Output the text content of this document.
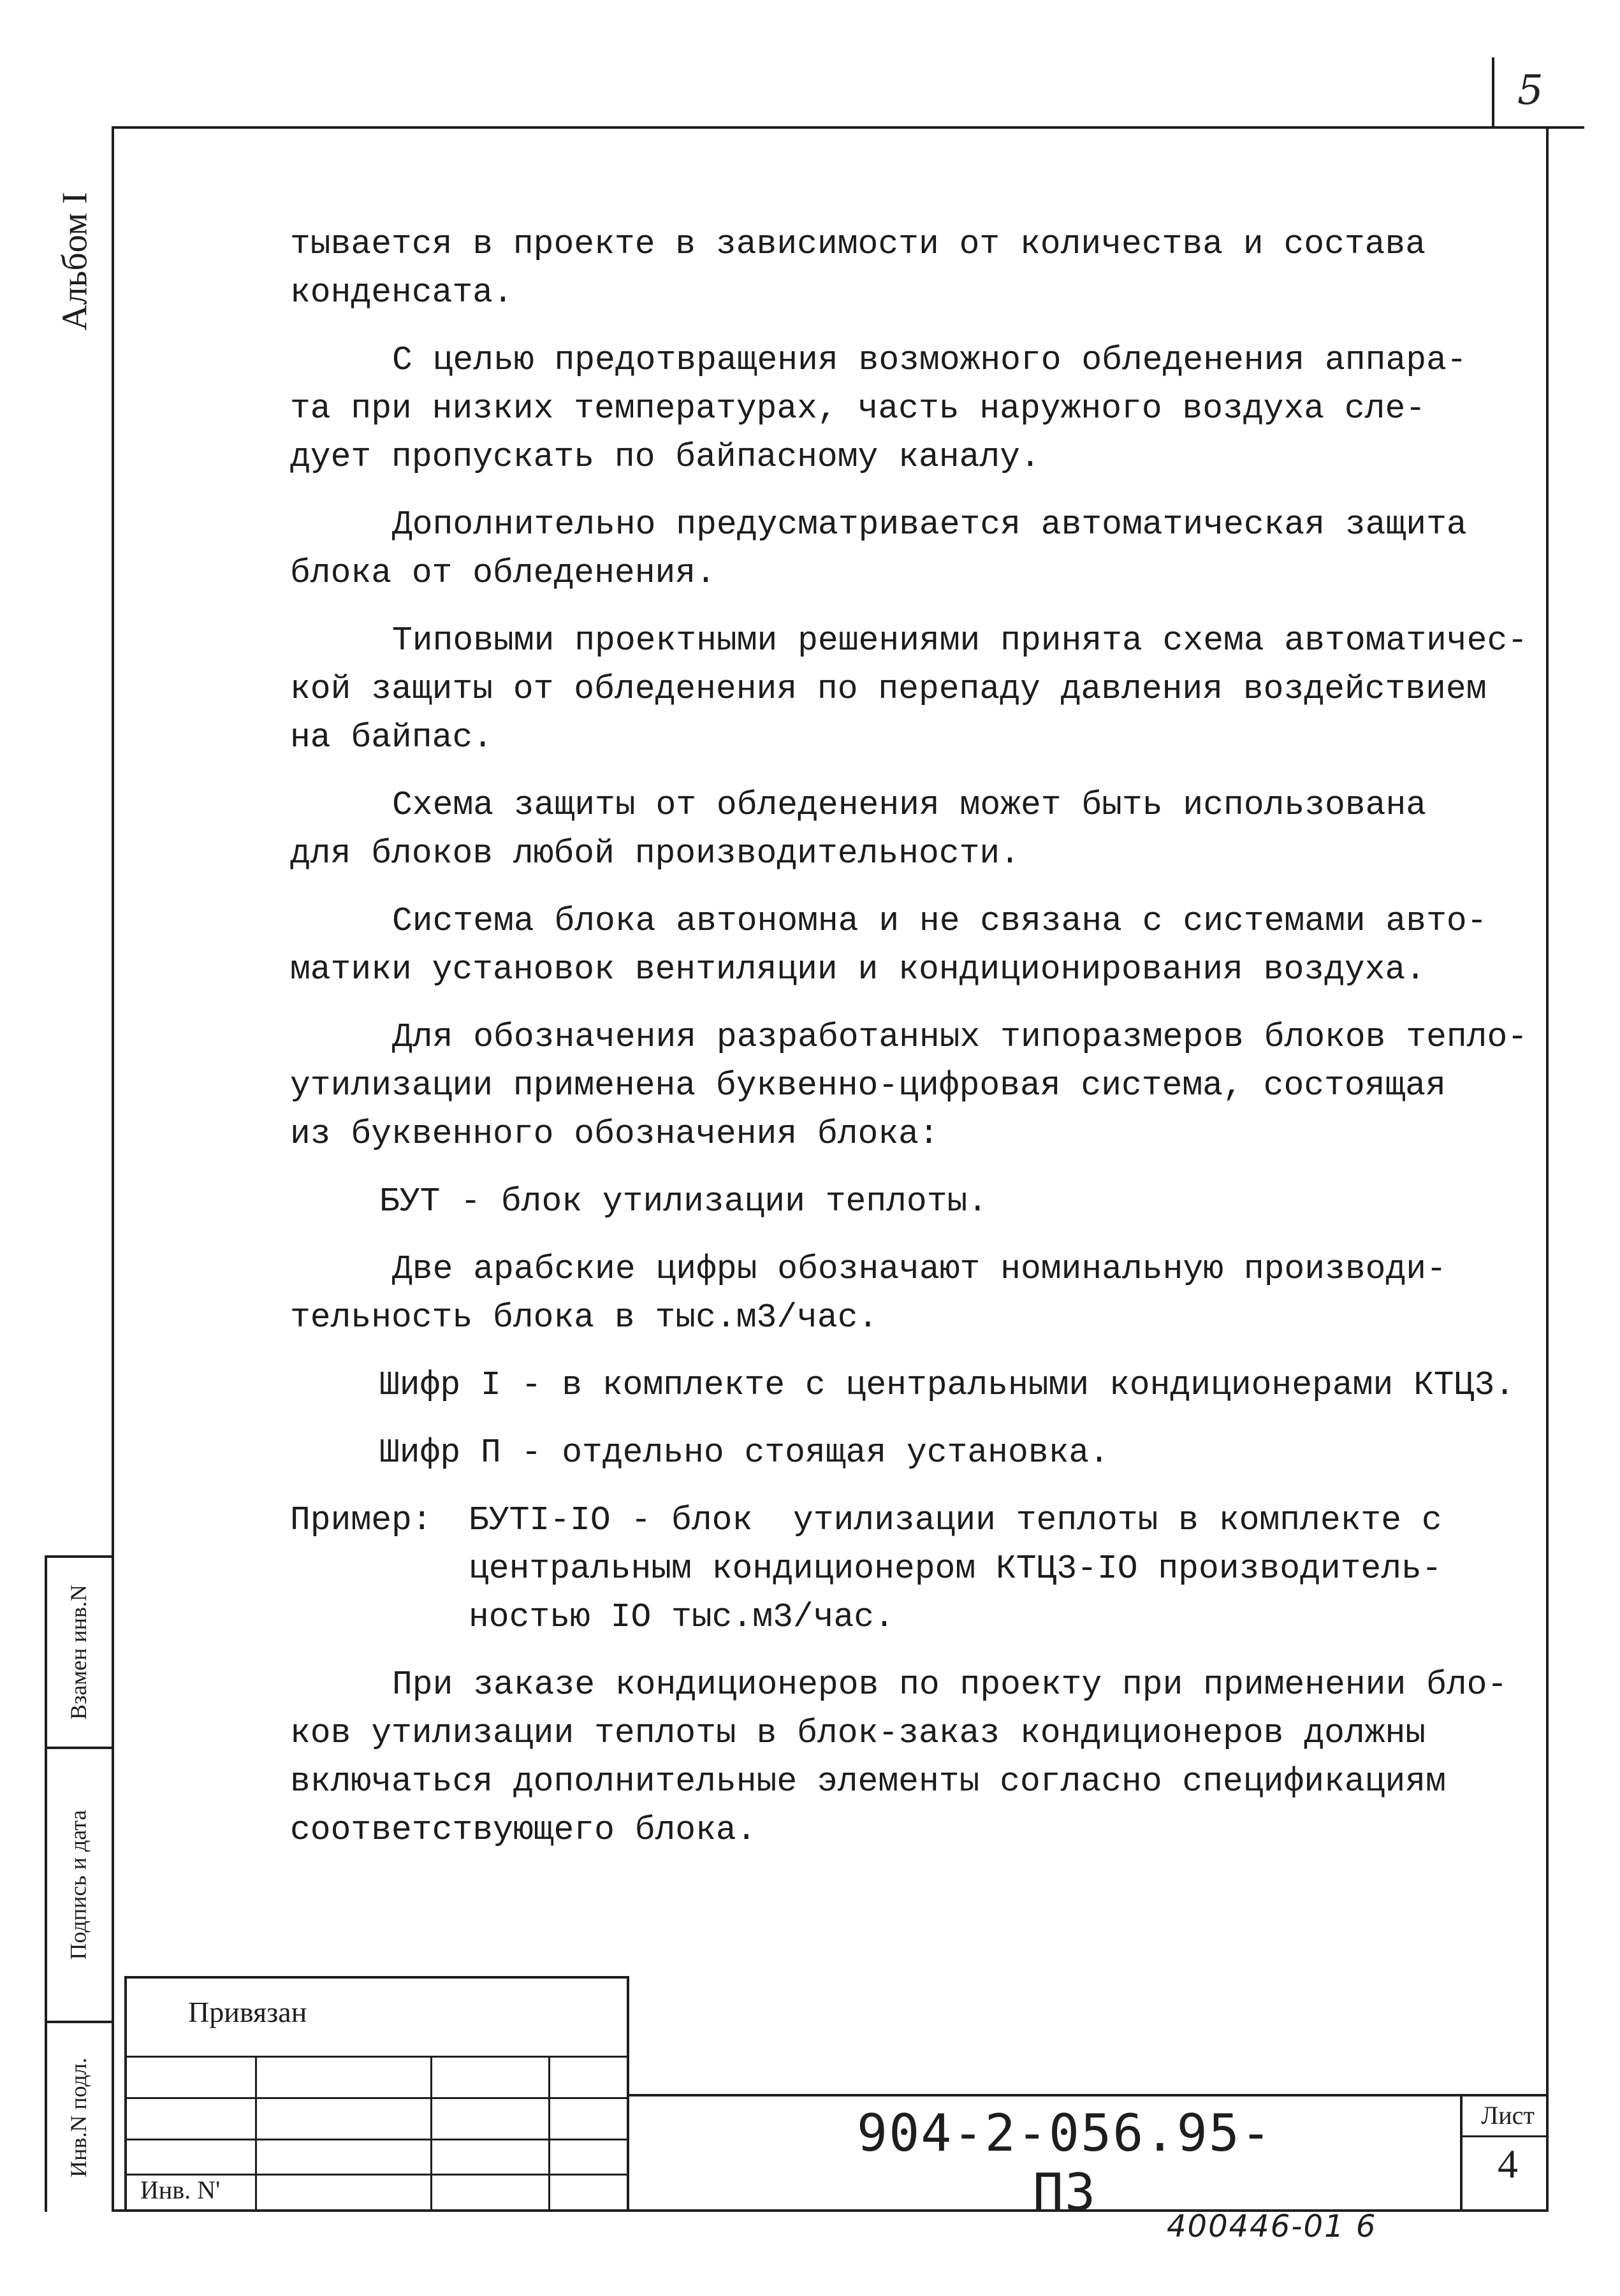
5
Альбом I	тывается в проекте в зависимости от количества и состава
конденсата.

С целью предотвращения возможного обледенения аппара-
та при низких температурах, часть наружного воздуха сле-
дует пропускать по байпасному каналу.

Дополнительно предусматривается автоматическая защита
блока от обледенения.

Типовыми проектными решениями принята схема автоматичес-
кой защиты от обледенения по перепаду давления воздействием
на байпас.

Схема защиты от обледенения может быть использована
для блоков любой производительности.

Система блока автономна и не связана с системами авто-
матики установок вентиляции и кондиционирования воздуха.

Для обозначения разработанных типоразмеров блоков тепло-
утилизации применена буквенно-цифровая система, состоящая
из буквенного обозначения блока:

БУТ - блок утилизации теплоты.

Две арабские цифры обозначают номинальную производи-
тельность блока в тыс.м3/час.

Шифр I - в комплекте с центральными кондиционерами КТЦ3.

Шифр П - отдельно стоящая установка.

Пример:	БУТI-IO - блок  утилизации теплоты в комплекте с
центральным кондиционером КТЦ3-IO производитель-
ностью IO тыс.м3/час.

При заказе кондиционеров по проекту при применении бло-
ков утилизации теплоты в блок-заказ кондиционеров должны
включаться дополнительные элементы согласно спецификациям
соответствующего блока.

Взамен инв.N
Подпись и дата
Инв.N подл.
Привязан
Инв. N'
904-2-056.95-ПЗ
Лист
4
400446-01 6
